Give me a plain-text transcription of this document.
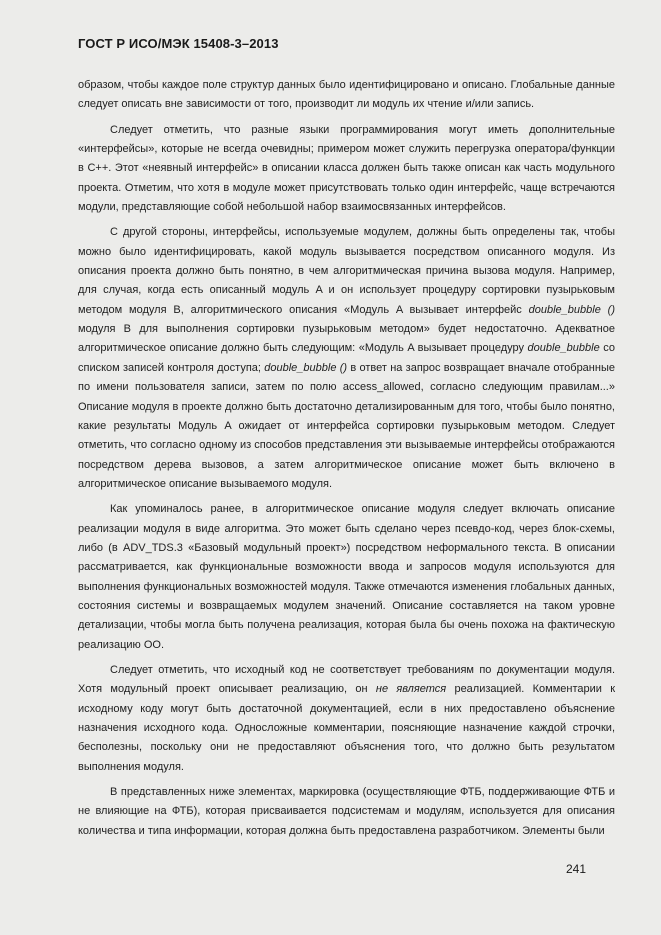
ГОСТ Р ИСО/МЭК 15408-3–2013

образом, чтобы каждое поле структур данных было идентифицировано и описано. Глобальные данные следует описать вне зависимости от того, производит ли модуль их чтение и/или запись.

Следует отметить, что разные языки программирования могут иметь дополнительные «интерфейсы», которые не всегда очевидны; примером может служить перегрузка оператора/функции в C++. Этот «неявный интерфейс» в описании класса должен быть также описан как часть модульного проекта. Отметим, что хотя в модуле может присутствовать только один интерфейс, чаще встречаются модули, представляющие собой небольшой набор взаимосвязанных интерфейсов.

С другой стороны, интерфейсы, используемые модулем, должны быть определены так, чтобы можно было идентифицировать, какой модуль вызывается посредством описанного модуля. Из описания проекта должно быть понятно, в чем алгоритмическая причина вызова модуля. Например, для случая, когда есть описанный модуль A и он использует процедуру сортировки пузырьковым методом модуля B, алгоритмического описания «Модуль A вызывает интерфейс double_bubble () модуля B для выполнения сортировки пузырьковым методом» будет недостаточно. Адекватное алгоритмическое описание должно быть следующим: «Модуль A вызывает процедуру double_bubble со списком записей контроля доступа; double_bubble () в ответ на запрос возвращает вначале отобранные по имени пользователя записи, затем по полю access_allowed, согласно следующим правилам...» Описание модуля в проекте должно быть достаточно детализированным для того, чтобы было понятно, какие результаты Модуль A ожидает от интерфейса сортировки пузырьковым методом. Следует отметить, что согласно одному из способов представления эти вызываемые интерфейсы отображаются посредством дерева вызовов, а затем алгоритмическое описание может быть включено в алгоритмическое описание вызываемого модуля.

Как упоминалось ранее, в алгоритмическое описание модуля следует включать описание реализации модуля в виде алгоритма. Это может быть сделано через псевдо-код, через блок-схемы, либо (в ADV_TDS.3 «Базовый модульный проект») посредством неформального текста. В описании рассматривается, как функциональные возможности ввода и запросов модуля используются для выполнения функциональных возможностей модуля. Также отмечаются изменения глобальных данных, состояния системы и возвращаемых модулем значений. Описание составляется на таком уровне детализации, чтобы могла быть получена реализация, которая была бы очень похожа на фактическую реализацию ОО.

Следует отметить, что исходный код не соответствует требованиям по документации модуля. Хотя модульный проект описывает реализацию, он не является реализацией. Комментарии к исходному коду могут быть достаточной документацией, если в них предоставлено объяснение назначения исходного кода. Односложные комментарии, поясняющие назначение каждой строчки, бесполезны, поскольку они не предоставляют объяснения того, что должно быть результатом выполнения модуля.

В представленных ниже элементах, маркировка (осуществляющие ФТБ, поддерживающие ФТБ и не влияющие на ФТБ), которая присваивается подсистемам и модулям, используется для описания количества и типа информации, которая должна быть предоставлена разработчиком. Элементы были

241
